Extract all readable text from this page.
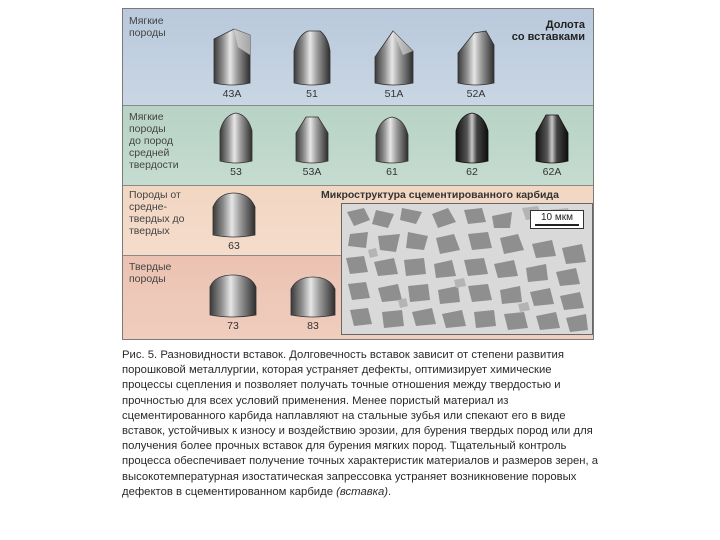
Мягкие
породы
Мягкие
породы
до пород
средней
твердости
Породы от
средне-
твердых до
твердых
Твердые
породы
Долота
со вставками
43А	51	51А	52А
53	53А	61	62	62А
63
73	83
Микроструктура сцементированного карбида
10 мкм

Рис. 5. Разновидности вставок. Долговечность вставок зависит от степени развития порошковой металлургии, которая устраняет дефекты, оптимизирует химические процессы сцепления и позволяет получать точные отношения между твердостью и прочностью для всех условий применения. Менее пористый материал из сцементированного карбида наплавляют на стальные зубья или спекают его в виде вставок, устойчивых к износу и воздействию эрозии, для бурения твердых пород или для получения более прочных вставок для бурения мягких пород. Тщательный контроль процесса обеспечивает получение точных характеристик материалов и размеров зерен, а высокотемпературная изостатическая запрессовка устраняет возникновение поровых дефектов в сцементированном карбиде (вставка).
